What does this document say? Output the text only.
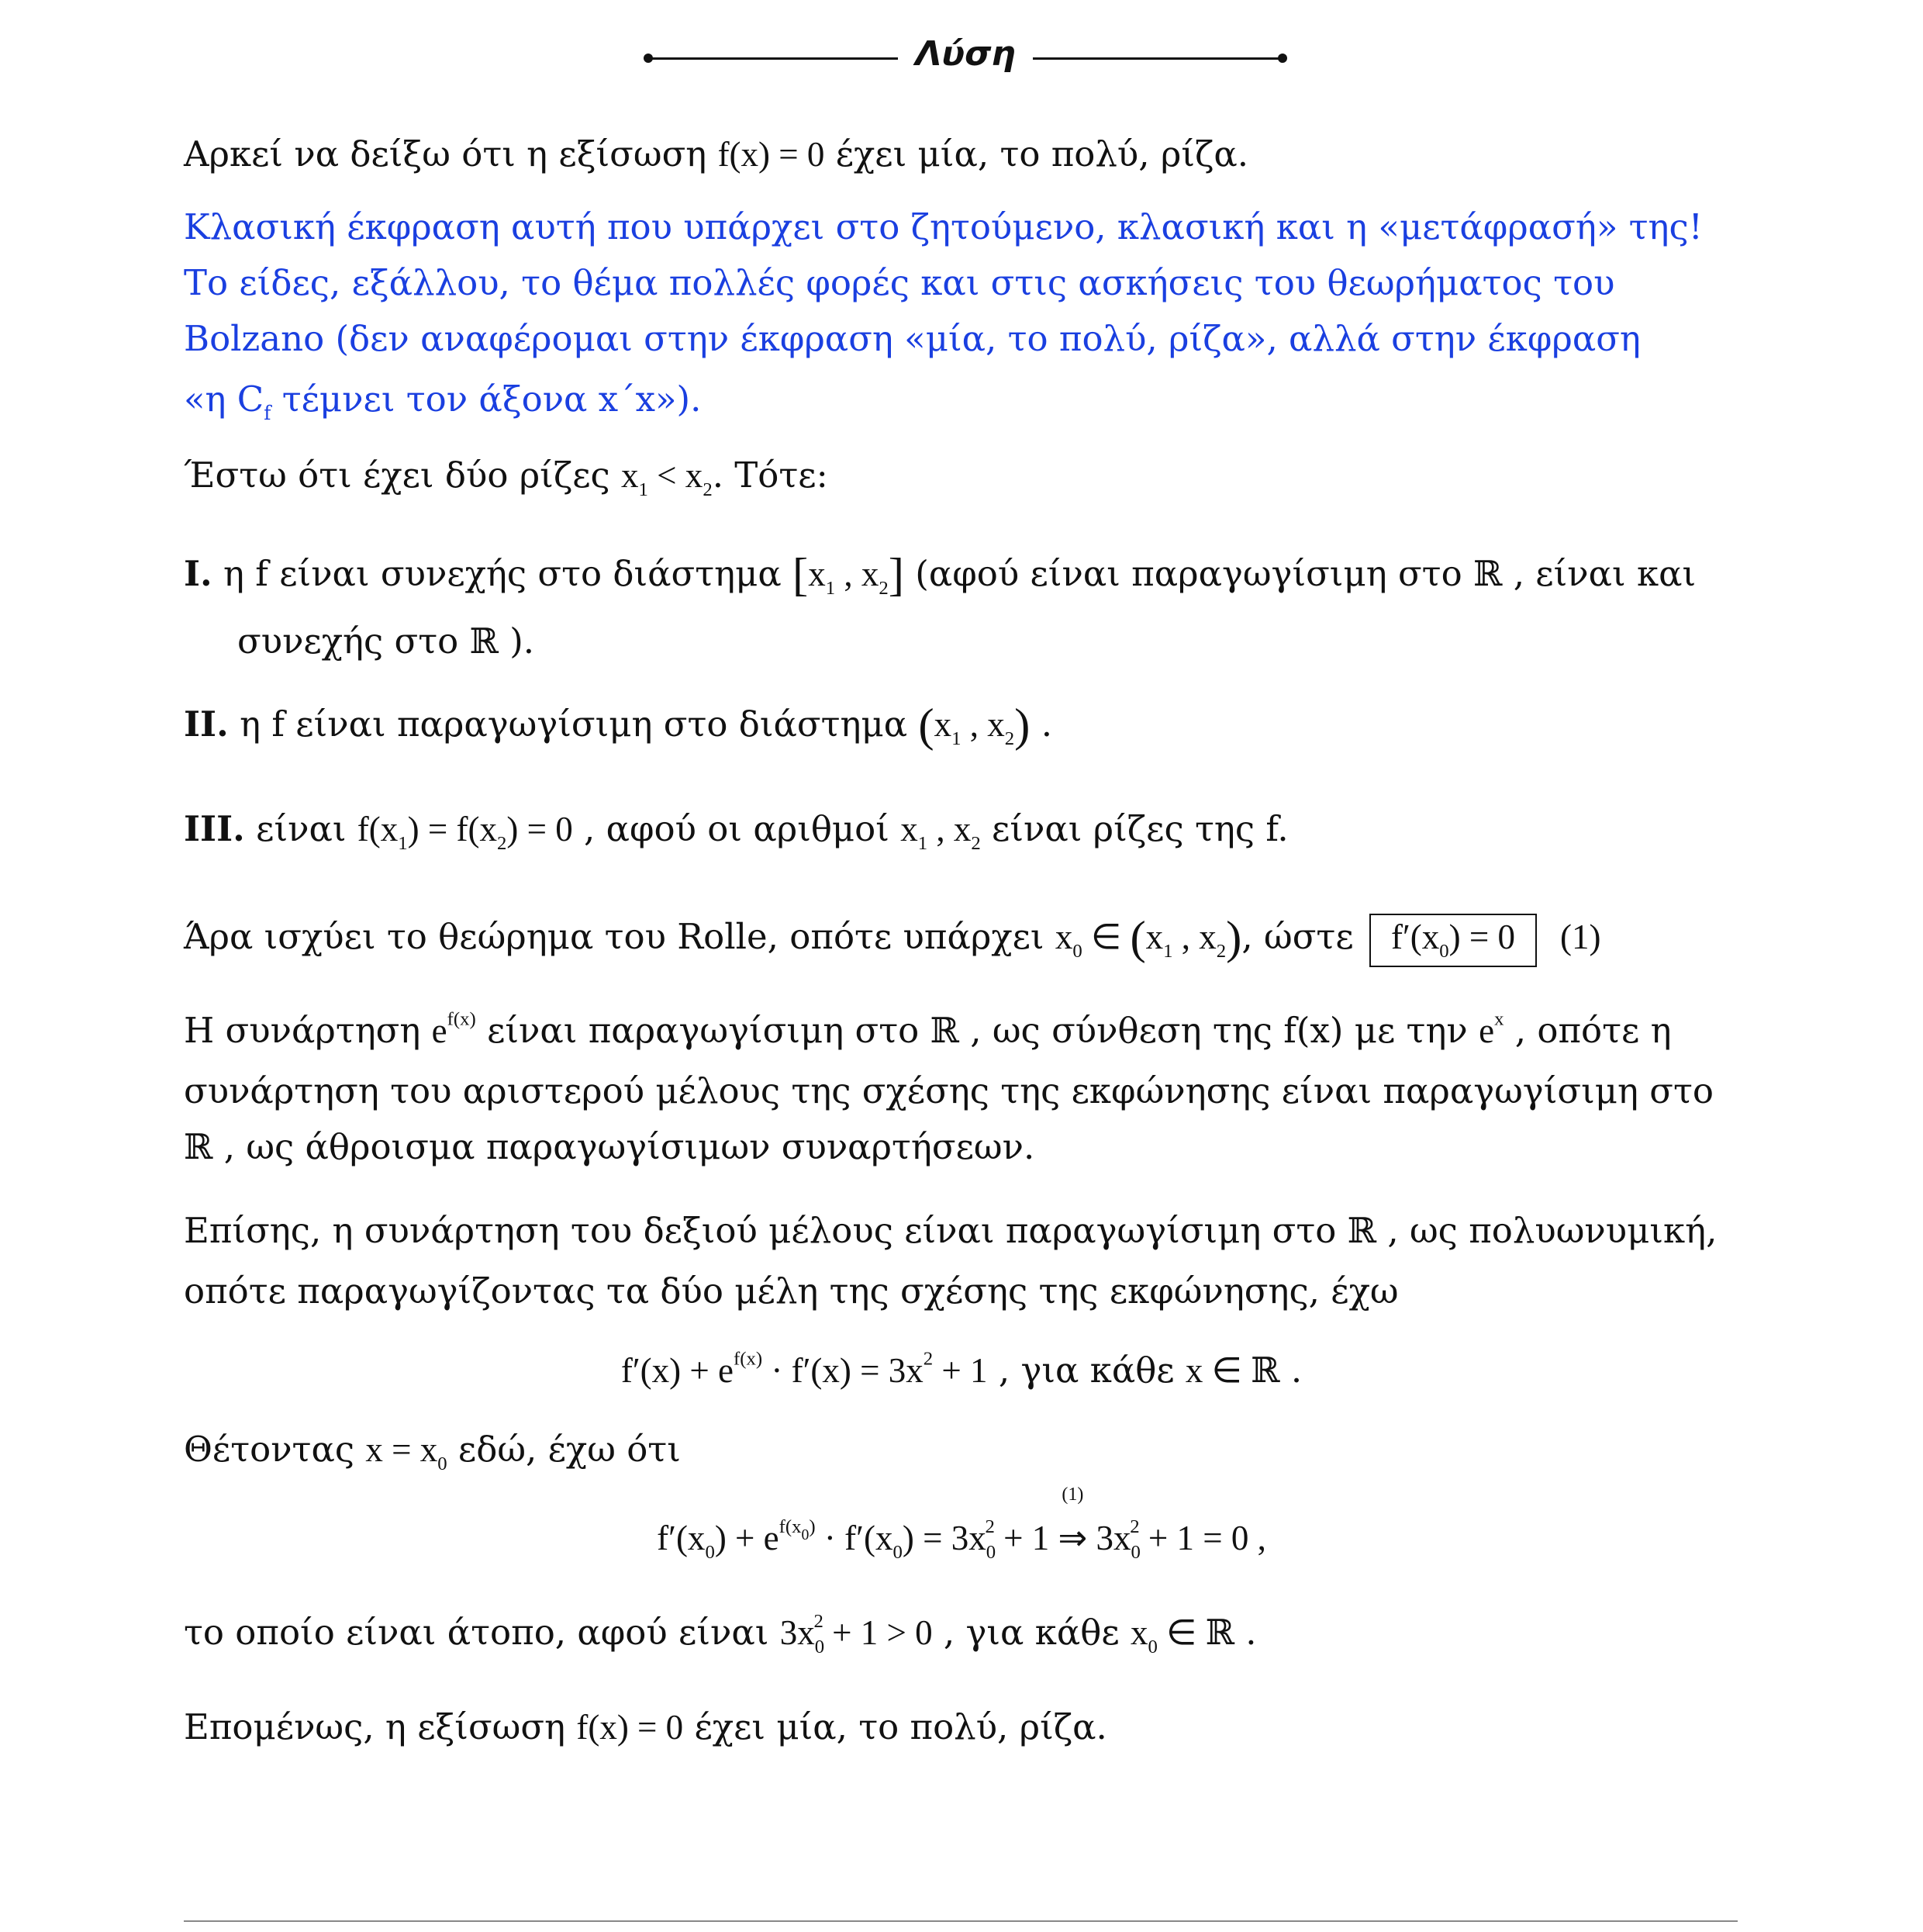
Λύση
Αρκεί να δείξω ότι η εξίσωση f(x) = 0 έχει μία, το πολύ, ρίζα.
Κλασική έκφραση αυτή που υπάρχει στο ζητούμενο, κλασική και η «μετάφρασή» της!
Το είδες, εξάλλου, το θέμα πολλές φορές και στις ασκήσεις του θεωρήματος του
Bolzano (δεν αναφέρομαι στην έκφραση «μία, το πολύ, ρίζα», αλλά στην έκφραση
«η $C_f$ τέμνει τον άξονα x΄x»).
Έστω ότι έχει δύο ρίζες $x_1 < x_2$. Τότε:
I. η f είναι συνεχής στο διάστημα [$x_1$ , $x_2$] (αφού είναι παραγωγίσιμη στο ℝ , είναι και
συνεχής στο ℝ ).
II. η f είναι παραγωγίσιμη στο διάστημα ($x_1$ , $x_2$) .
III. είναι $f(x_1) = f(x_2) = 0$ , αφού οι αριθμοί $x_1$ , $x_2$ είναι ρίζες της f.
Άρα ισχύει το θεώρημα του Rolle, οπότε υπάρχει $x_0$ ∈ ($x_1$ , $x_2$), ώστε $f'(x_0) = 0$ (1)
Η συνάρτηση $e^{f(x)}$ είναι παραγωγίσιμη στο ℝ , ως σύνθεση της f(x) με την $e^x$ , οπότε η
συνάρτηση του αριστερού μέλους της σχέσης της εκφώνησης είναι παραγωγίσιμη στο
ℝ , ως άθροισμα παραγωγίσιμων συναρτήσεων.
Επίσης, η συνάρτηση του δεξιού μέλους είναι παραγωγίσιμη στο ℝ , ως πολυωνυμική,
οπότε παραγωγίζοντας τα δύο μέλη της σχέσης της εκφώνησης, έχω
$f'(x) + e^{f(x)} \cdot f'(x) = 3x^2 + 1$ , για κάθε x ∈ ℝ .
Θέτοντας $x = x_0$ εδώ, έχω ότι
$f'(x_0) + e^{f(x_0)} \cdot f'(x_0) = 3x_0^2 + 1$
(1)
⇒ $3x_0^2 + 1 = 0$ ,
το οποίο είναι άτοπο, αφού είναι $3x_0^2 + 1 > 0$ , για κάθε $x_0$ ∈ ℝ .
Επομένως, η εξίσωση f(x) = 0 έχει μία, το πολύ, ρίζα.
